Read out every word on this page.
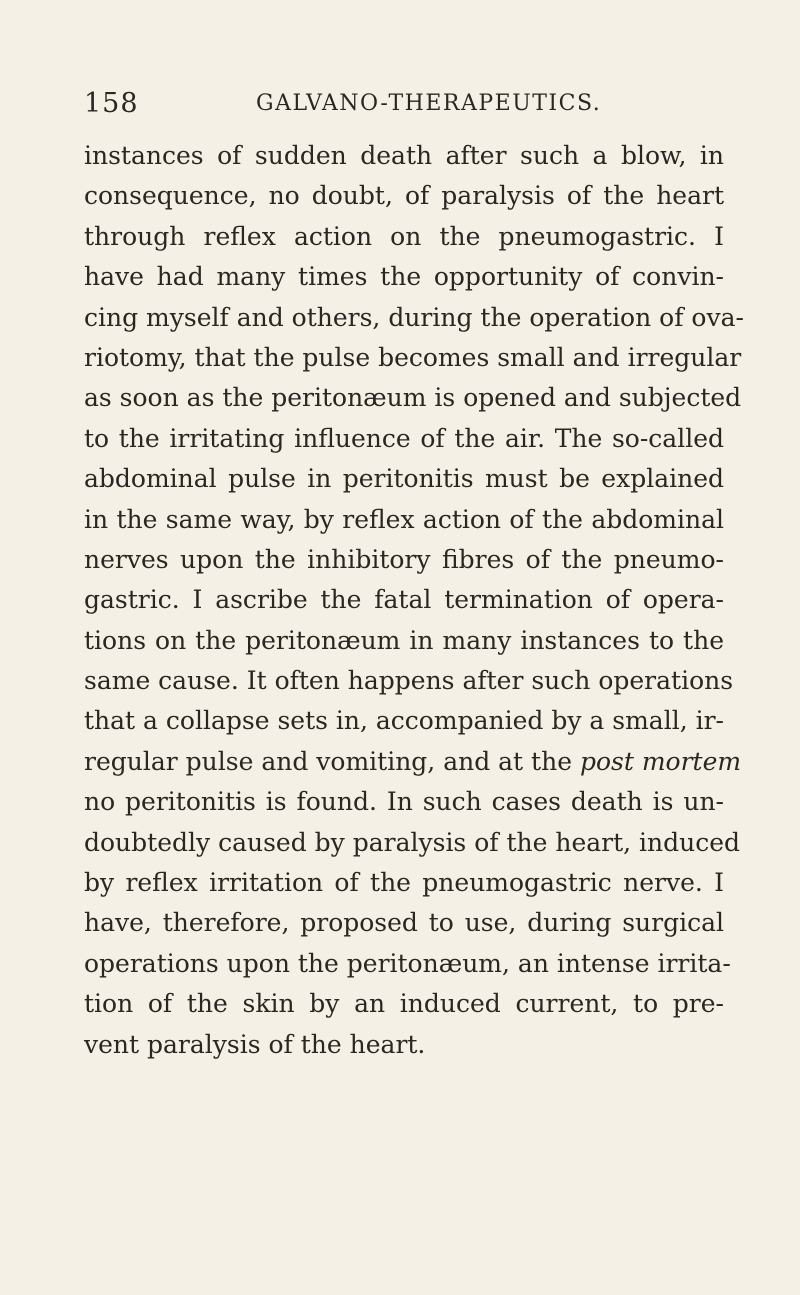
158	GALVANO-THERAPEUTICS.
instances of sudden death after such a blow, in
consequence, no doubt, of paralysis of the heart
through reflex action on the pneumogastric. I
have had many times the opportunity of convin-
cing myself and others, during the operation of ova-
riotomy, that the pulse becomes small and irregular
as soon as the peritonæum is opened and subjected
to the irritating influence of the air. The so-called
abdominal pulse in peritonitis must be explained
in the same way, by reflex action of the abdominal
nerves upon the inhibitory fibres of the pneumo-
gastric. I ascribe the fatal termination of opera-
tions on the peritonæum in many instances to the
same cause. It often happens after such operations
that a collapse sets in, accompanied by a small, ir-
regular pulse and vomiting, and at the post mortem
no peritonitis is found. In such cases death is un-
doubtedly caused by paralysis of the heart, induced
by reflex irritation of the pneumogastric nerve. I
have, therefore, proposed to use, during surgical
operations upon the peritonæum, an intense irrita-
tion of the skin by an induced current, to pre-
vent paralysis of the heart.
